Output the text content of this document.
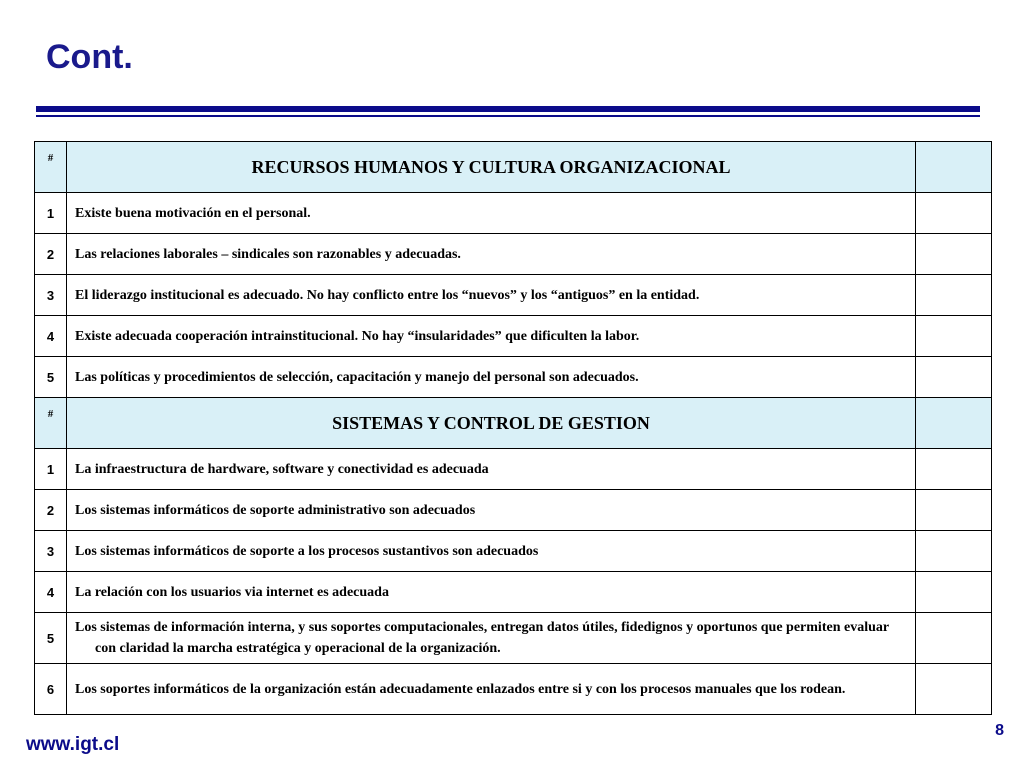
Cont.
#	RECURSOS HUMANOS Y CULTURA ORGANIZACIONAL	
1	Existe buena motivación en el personal.	
2	Las relaciones laborales – sindicales son razonables y adecuadas.	
3	El liderazgo institucional es adecuado. No hay conflicto entre los “nuevos” y los “antiguos” en la entidad.	
4	Existe adecuada cooperación intrainstitucional. No hay “insularidades” que dificulten la labor.	
5	Las políticas y procedimientos de selección, capacitación y manejo del personal son adecuados.	
#	SISTEMAS Y CONTROL DE GESTION	
1	La infraestructura de hardware, software y conectividad es adecuada	
2	Los sistemas informáticos de soporte administrativo son adecuados	
3	Los sistemas informáticos de soporte a los procesos sustantivos son adecuados	
4	La relación con los usuarios via internet es adecuada	
5	Los sistemas de información interna, y sus soportes computacionales, entregan datos útiles, fidedignos y oportunos que permiten evaluar con claridad la marcha estratégica y operacional de la organización.	

6	Los soportes informáticos de la organización están adecuadamente enlazados entre si y con los procesos manuales que los rodean.	

www.igt.cl
8
